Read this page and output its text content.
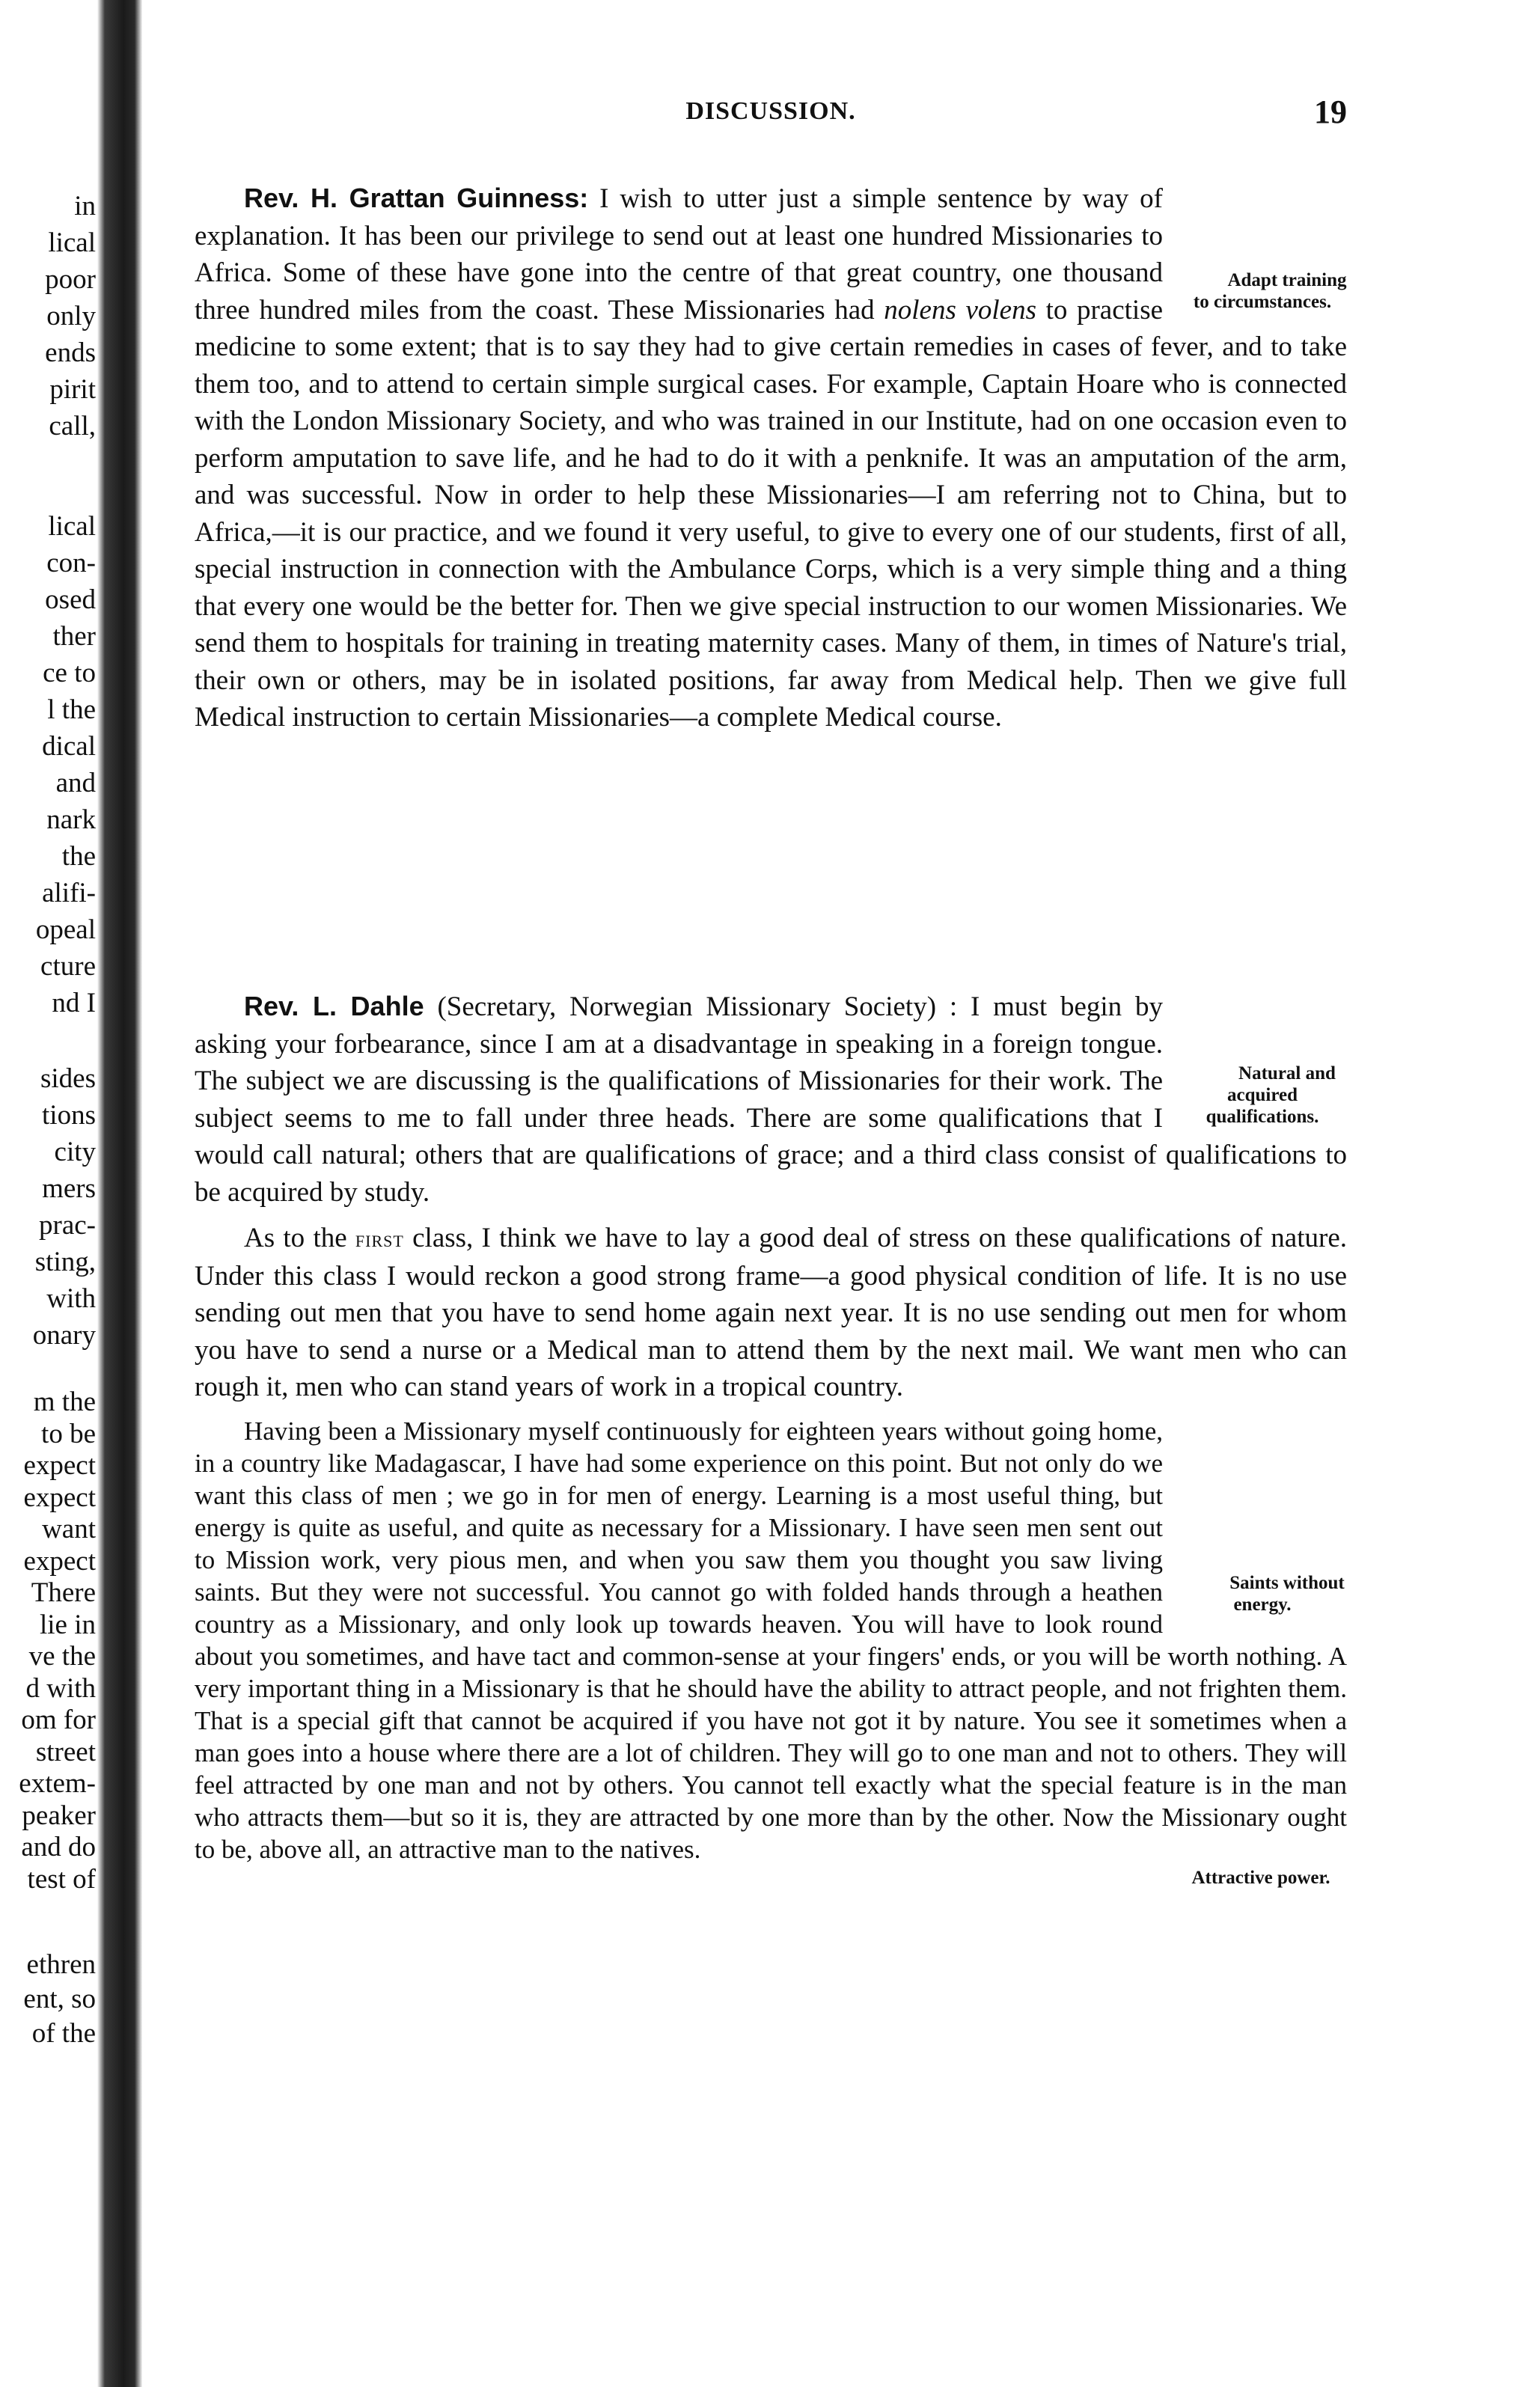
in
lical
poor
only
ends
pirit
call,
lical
con-
osed
ther
ce to
l the
dical
and
nark
the
alifi-
opeal
cture
nd I
sides
tions
city
mers
prac-
sting,
with
onary
m the
to be
expect
expect
want
expect
There
lie in
ve the
d with
om for
street
extem-
peaker
and do
test of
ethren
ent, so
of the
DISCUSSION.	19

Adapt training to circumstances.
Rev. H. Grattan Guinness: I wish to utter just a simple sentence by way of explanation. It has been our privilege to send out at least one hundred Missionaries to Africa. Some of these have gone into the centre of that great country, one thousand three hundred miles from the coast. These Missionaries had nolens volens to practise medicine to some extent; that is to say they had to give certain remedies in cases of fever, and to take them too, and to attend to certain simple surgical cases. For example, Captain Hoare who is connected with the London Missionary Society, and who was trained in our Institute, had on one occasion even to perform amputation to save life, and he had to do it with a penknife. It was an amputation of the arm, and was successful. Now in order to help these Missionaries—I am referring not to China, but to Africa,—it is our practice, and we found it very useful, to give to every one of our students, first of all, special instruction in connection with the Ambulance Corps, which is a very simple thing and a thing that every one would be the better for. Then we give special instruction to our women Missionaries. We send them to hospitals for training in treating maternity cases. Many of them, in times of Nature's trial, their own or others, may be in isolated positions, far away from Medical help. Then we give full Medical instruction to certain Missionaries—a complete Medical course.

Natural and acquired qualifications.
Rev. L. Dahle (Secretary, Norwegian Missionary Society) : I must begin by asking your forbearance, since I am at a disadvantage in speaking in a foreign tongue. The subject we are discussing is the qualifications of Missionaries for their work. The subject seems to me to fall under three heads. There are some qualifications that I would call natural; others that are qualifications of grace; and a third class consist of qualifications to be acquired by study.

As to the first class, I think we have to lay a good deal of stress on these qualifications of nature. Under this class I would reckon a good strong frame—a good physical condition of life. It is no use sending out men that you have to send home again next year. It is no use sending out men for whom you have to send a nurse or a Medical man to attend them by the next mail. We want men who can rough it, men who can stand years of work in a tropical country.

Saints without energy.
Having been a Missionary myself continuously for eighteen years without going home, in a country like Madagascar, I have had some experience on this point. But not only do we want this class of men ; we go in for men of energy. Learning is a most useful thing, but energy is quite as useful, and quite as necessary for a Missionary. I have seen men sent out to Mission work, very pious men, and when you saw them you thought you saw living saints. But they were not successful. You cannot go with folded hands through a heathen country as a Missionary, and only look up towards heaven. You will have to look round about you sometimes, and have tact and common-sense at your fingers' ends, or you will be worth nothing. A very important thing in a Missionary is that he should have the ability to attract people, and not frighten them. That is a special gift that cannot be acquired if you have not got it by nature. You see it sometimes when a man goes into a house where there are a lot of children. They will go to one man and not to others. They will feel attracted by one man and not by others. You cannot tell exactly what the special feature is in the man who attracts them—but so it is, they are attracted by one more than by the other. Now the Missionary ought to be, above all, an attractive man to the natives.

Attractive power.
